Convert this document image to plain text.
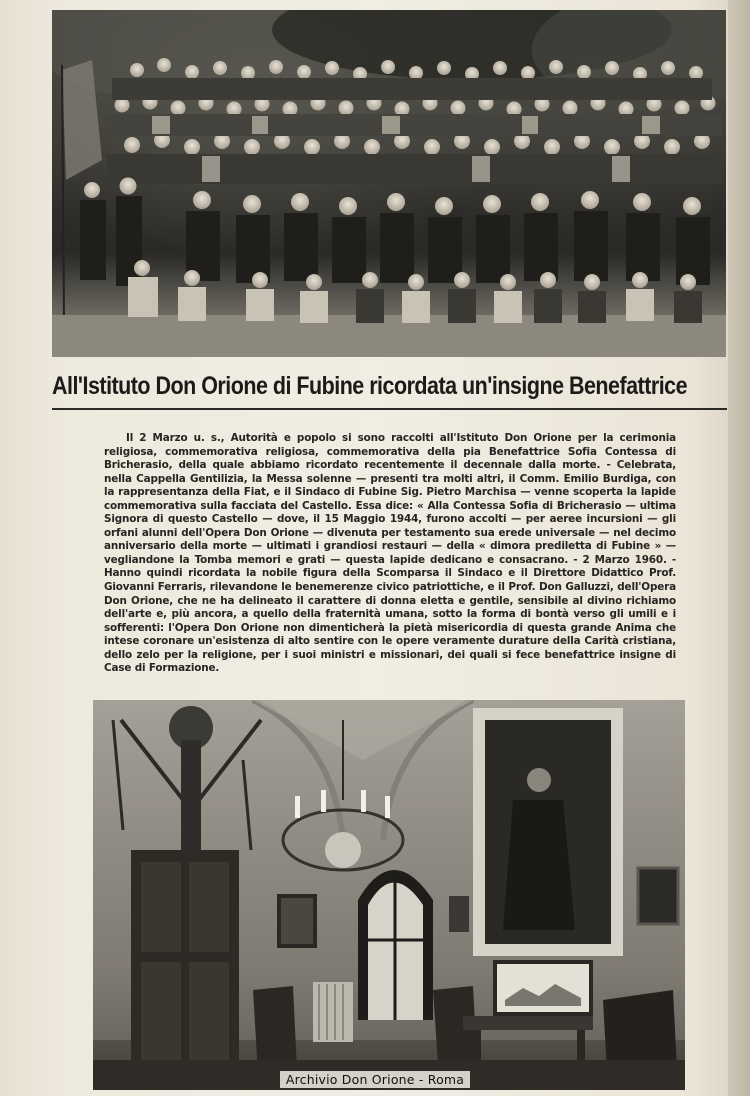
All'Istituto Don Orione di Fubine ricordata un'insigne Benefattrice
Il 2 Marzo u. s., Autorità e popolo si sono raccolti all'Istituto Don Orione per la cerimonia religiosa, commemorativa religiosa, commemorativa della pia Benefattrice Sofia Contessa di Bricherasio, della quale abbiamo ricordato recentemente il decennale dalla morte. - Celebrata, nella Cappella Gentilizia, la Messa solenne — presenti tra molti altri, il Comm. Emilio Burdiga, con la rappresentanza della Fiat, e il Sindaco di Fubine Sig. Pietro Marchisa — venne scoperta la lapide commemorativa sulla facciata del Castello. Essa dice: « Alla Contessa Sofia di Bricherasio — ultima Signora di questo Castello — dove, il 15 Maggio 1944, furono accolti — per aeree incursioni — gli orfani alunni dell'Opera Don Orione — divenuta per testamento sua erede universale — nel decimo anniversario della morte — ultimati i grandiosi restauri — della « dimora prediletta di Fubine » — vegliandone la Tomba memori e grati — questa lapide dedicano e consacrano. - 2 Marzo 1960. - Hanno quindi ricordata la nobile figura della Scomparsa il Sindaco e il Direttore Didattico Prof. Giovanni Ferraris, rilevandone le benemerenze civico patriottiche, e il Prof. Don Galluzzi, dell'Opera Don Orione, che ne ha delineato il carattere di donna eletta e gentile, sensibile al divino richiamo dell'arte e, più ancora, a quello della fraternità umana, sotto la forma di bontà verso gli umili e i sofferenti: l'Opera Don Orione non dimenticherà la pietà misericordia di questa grande Anima che intese coronare un'esistenza di alto sentire con le opere veramente durature della Carità cristiana, dello zelo per la religione, per i suoi ministri e missionari, dei quali si fece benefattrice insigne di Case di Formazione.
Archivio Don Orione - Roma
